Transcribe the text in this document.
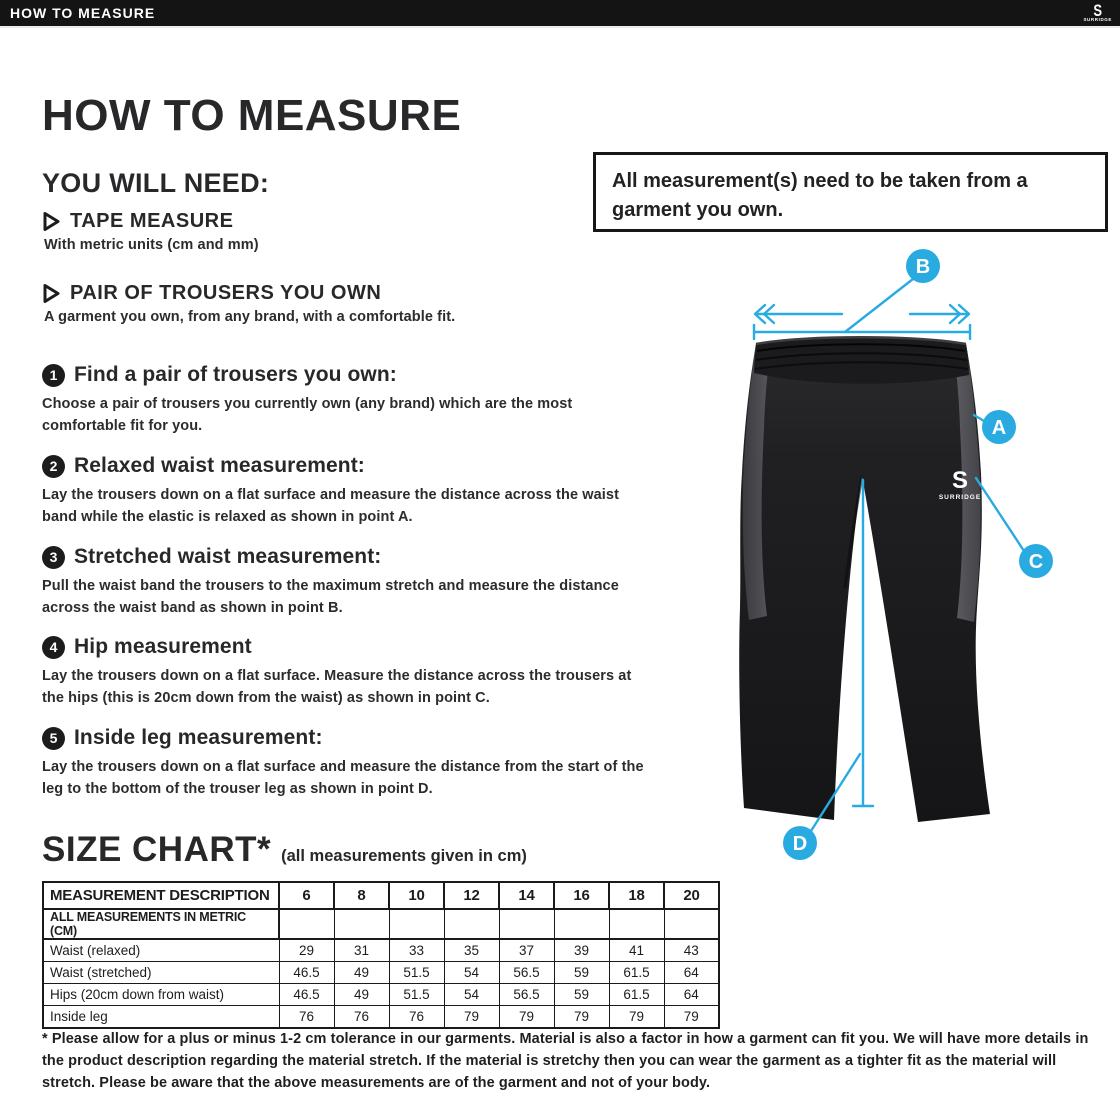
HOW TO MEASURE	S
SURRIDGE
HOW TO MEASURE
YOU WILL NEED:
TAPE MEASURE
With metric units (cm and mm)
PAIR OF TROUSERS YOU OWN
A garment you own, from any brand, with a comfortable fit.
All measurement(s) need to be taken from a garment you own.
1 Find a pair of trousers you own:
Choose a pair of trousers you currently own (any brand) which are the most comfortable fit for you.
2 Relaxed waist measurement:
Lay the trousers down on a flat surface and measure the distance across the waist band while the elastic is relaxed as shown in point A.
3 Stretched waist measurement:
Pull the waist band the trousers to the maximum stretch and measure the distance across the waist band as shown in point B.
4 Hip measurement
Lay the trousers down on a flat surface. Measure the distance across the trousers at the hips (this is 20cm down from the waist) as shown in point C.
5 Inside leg measurement:
Lay the trousers down on a flat surface and measure the distance from the start of the leg to the bottom of the trouser leg as shown in point D.
SIZE CHART* (all measurements given in cm)
MEASUREMENT DESCRIPTION	6	8	10	12	14	16	18	20
ALL MEASUREMENTS IN METRIC (CM)								
Waist (relaxed)	29	31	33	35	37	39	41	43
Waist (stretched)	46.5	49	51.5	54	56.5	59	61.5	64
Hips (20cm down from waist)	46.5	49	51.5	54	56.5	59	61.5	64
Inside leg	76	76	76	79	79	79	79	79
* Please allow for a plus or minus 1-2 cm tolerance in our garments. Material is also a factor in how a garment can fit you. We will have more details in the product description regarding the material stretch. If the material is stretchy then you can wear the garment as a tighter fit as the material will stretch. Please be aware that the above measurements are of the garment and not of your body.
S
SURRIDGE
B
A
C
D
